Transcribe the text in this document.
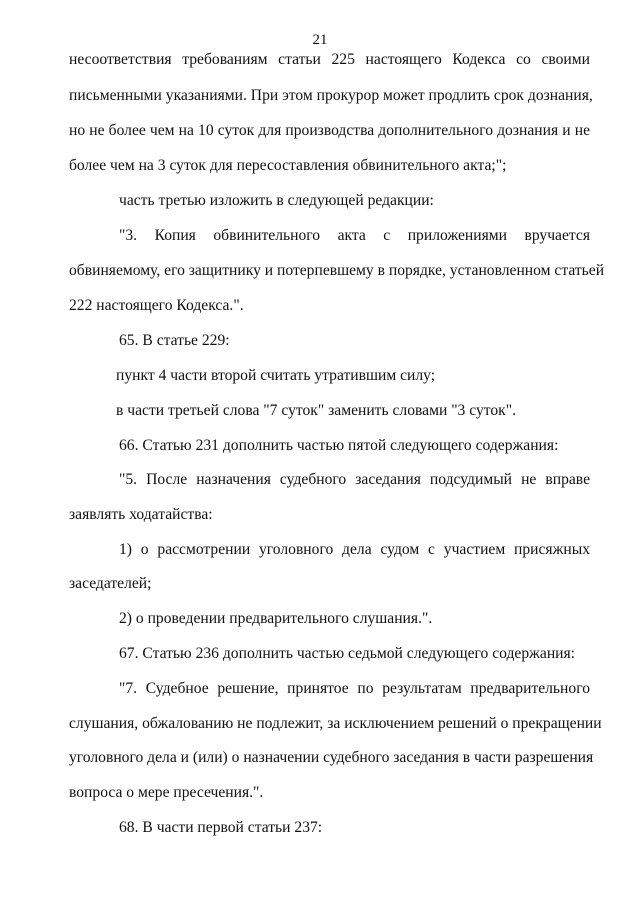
21

несоответствия требованиям статьи 225 настоящего Кодекса со своими

письменными указаниями. При этом прокурор может продлить срок дознания,

но не более чем на 10 суток для производства дополнительного дознания и не

более чем на 3 суток для пересоставления обвинительного акта;";

часть третью изложить в следующей редакции:

"3. Копия обвинительного акта с приложениями вручается

обвиняемому, его защитнику и потерпевшему в порядке, установленном статьей

222 настоящего Кодекса.".

65. В статье 229:

пункт 4 части второй считать утратившим силу;

в части третьей слова "7 суток" заменить словами "3 суток".

66. Статью 231 дополнить частью пятой следующего содержания:

"5. После назначения судебного заседания подсудимый не вправе

заявлять ходатайства:

1) о рассмотрении уголовного дела судом с участием присяжных

заседателей;

2) о проведении предварительного слушания.".

67. Статью 236 дополнить частью седьмой следующего содержания:

"7. Судебное решение, принятое по результатам предварительного

слушания, обжалованию не подлежит, за исключением решений о прекращении

уголовного дела и (или) о назначении судебного заседания в части разрешения

вопроса о мере пресечения.".

68. В части первой статьи 237:
